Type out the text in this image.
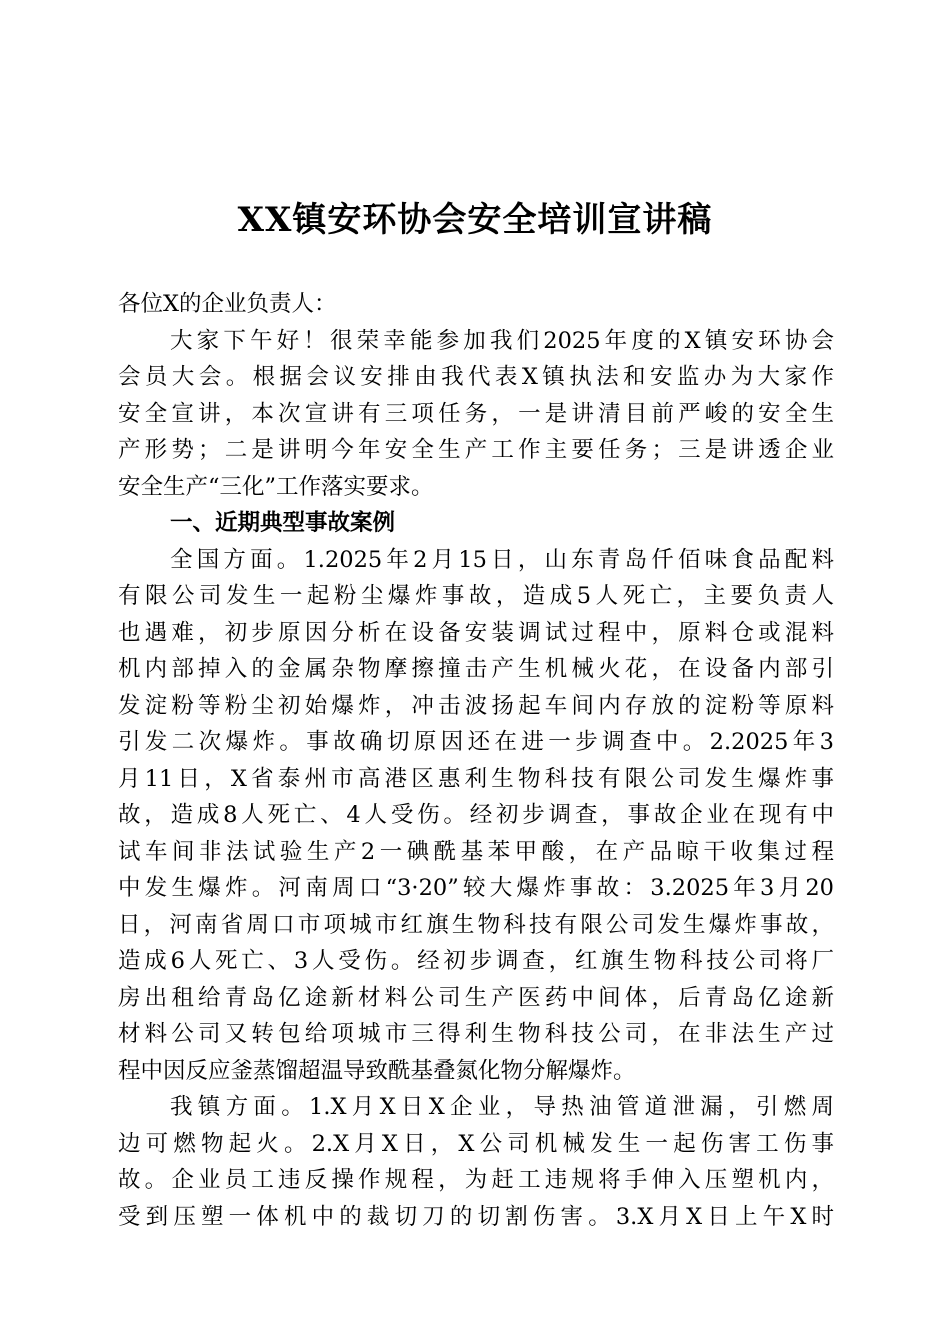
XX镇安环协会安全培训宣讲稿
各位X的企业负责人：
大家下午好！很荣幸能参加我们2025年度的X镇安环协会
会员大会。根据会议安排由我代表X镇执法和安监办为大家作
安全宣讲，本次宣讲有三项任务，一是讲清目前严峻的安全生
产形势；二是讲明今年安全生产工作主要任务；三是讲透企业
安全生产“三化”工作落实要求。
一、近期典型事故案例
全国方面。1.2025年2月15日，山东青岛仟佰味食品配料
有限公司发生一起粉尘爆炸事故，造成5人死亡，主要负责人
也遇难，初步原因分析在设备安装调试过程中，原料仓或混料
机内部掉入的金属杂物摩擦撞击产生机械火花，在设备内部引
发淀粉等粉尘初始爆炸，冲击波扬起车间内存放的淀粉等原料
引发二次爆炸。事故确切原因还在进一步调查中。2.2025年3
月11日，X省泰州市高港区惠利生物科技有限公司发生爆炸事
故，造成8人死亡、4人受伤。经初步调查，事故企业在现有中
试车间非法试验生产2一碘酰基苯甲酸，在产品晾干收集过程
中发生爆炸。河南周口“3·20”较大爆炸事故：3.2025年3月20
日，河南省周口市项城市红旗生物科技有限公司发生爆炸事故，
造成6人死亡、3人受伤。经初步调查，红旗生物科技公司将厂
房出租给青岛亿途新材料公司生产医药中间体，后青岛亿途新
材料公司又转包给项城市三得利生物科技公司，在非法生产过
程中因反应釜蒸馏超温导致酰基叠氮化物分解爆炸。
我镇方面。1.X月X日X企业，导热油管道泄漏，引燃周
边可燃物起火。2.X月X日，X公司机械发生一起伤害工伤事
故。企业员工违反操作规程，为赶工违规将手伸入压塑机内，
受到压塑一体机中的裁切刀的切割伤害。3.X月X日上午X时
